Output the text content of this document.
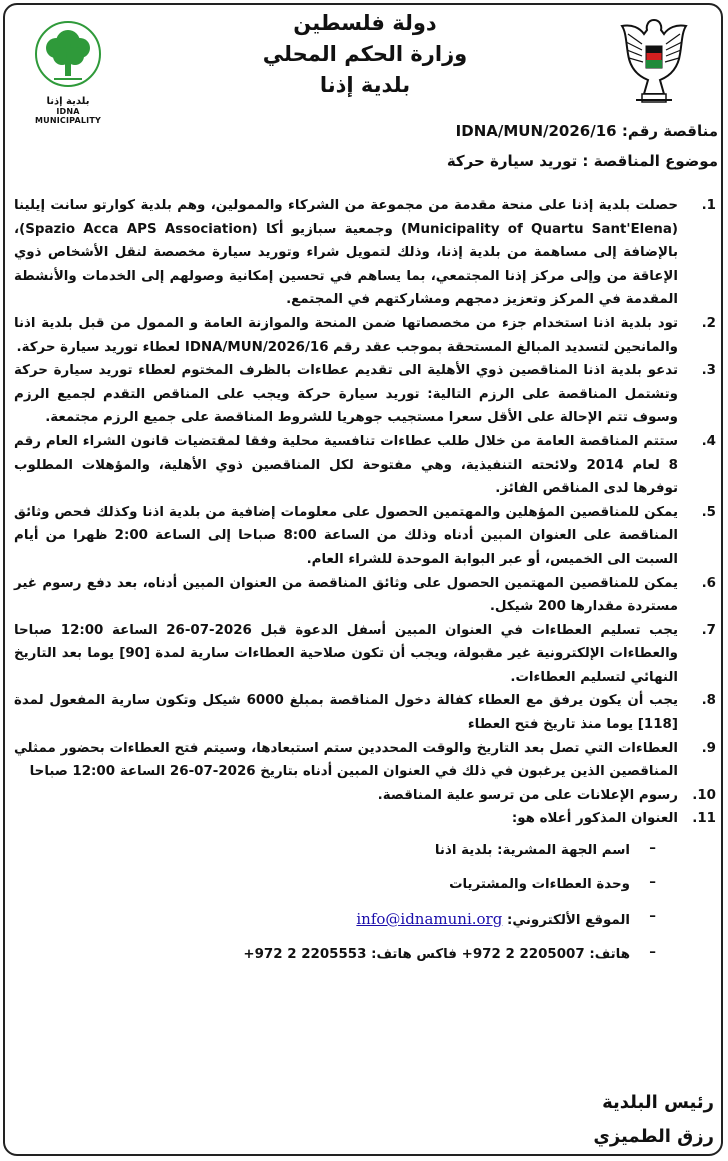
دولة فلسطين
وزارة الحكم المحلي
بلدية إذنا
بلدية إذنا
IDNA MUNICIPALITY
مناقصة رقم: IDNA/MUN/2026/16
موضوع المناقصة : توريد سيارة حركة
1.
حصلت بلدية إذنا على منحة مقدمة من مجموعة من الشركاء والممولين، وهم بلدية كوارتو سانت إيلينا (Municipality of Quartu Sant'Elena) وجمعية سبازيو أكا (Spazio Acca APS Association)، بالإضافة إلى مساهمة من بلدية إذنا، وذلك لتمويل شراء وتوريد سيارة مخصصة لنقل الأشخاص ذوي الإعاقة من وإلى مركز إذنا المجتمعي، بما يساهم في تحسين إمكانية وصولهم إلى الخدمات والأنشطة المقدمة في المركز وتعزيز دمجهم ومشاركتهم في المجتمع.
2.
تود بلدية اذنا استخدام جزء من مخصصاتها ضمن المنحة والموازنة العامة و الممول من قبل بلدية اذنا والمانحين لتسديد المبالغ المستحقة بموجب عقد رقم IDNA/MUN/2026/16 لعطاء توريد سيارة حركة.
3.
تدعو بلدية اذنا المناقصين ذوي الأهلية الى تقديم عطاءات بالظرف المختوم لعطاء توريد سيارة حركة وتشتمل المناقصة على الرزم التالية: توريد سيارة حركة ويجب على المناقص التقدم لجميع الرزم وسوف تتم الإحالة على الأقل سعرا مستجيب جوهريا للشروط المناقصة على جميع الرزم مجتمعة.
4.
ستتم المناقصة العامة من خلال طلب عطاءات تنافسية محلية وفقا لمقتضيات قانون الشراء العام رقم 8 لعام 2014 ولائحته التنفيذية، وهي مفتوحة لكل المناقصين ذوي الأهلية، والمؤهلات المطلوب توفرها لدى المناقص الفائز.
5.
يمكن للمناقصين المؤهلين والمهتمين الحصول على معلومات إضافية من بلدية اذنا وكذلك فحص وثائق المناقصة على العنوان المبين أدناه وذلك من الساعة 8:00 صباحا إلى الساعة 2:00 ظهرا من أيام السبت الى الخميس، أو عبر البوابة الموحدة للشراء العام.
6.
يمكن للمناقصين المهتمين الحصول على وثائق المناقصة من العنوان المبين أدناه، بعد دفع رسوم غير مستردة مقدارها 200 شيكل.
7.
يجب تسليم العطاءات في العنوان المبين أسفل الدعوة قبل 2026-07-26 الساعة 12:00 صباحا والعطاءات الإلكترونية غير مقبولة، ويجب أن تكون صلاحية العطاءات سارية لمدة [90] يوما بعد التاريخ النهائي لتسليم العطاءات.
8.
يجب أن يكون يرفق مع العطاء كفالة دخول المناقصة بمبلغ 6000 شيكل وتكون سارية المفعول لمدة [118] يوما منذ تاريخ فتح العطاء
9.
العطاءات التي تصل بعد التاريخ والوقت المحددين ستم استبعادها، وسيتم فتح العطاءات بحضور ممثلي المناقصين الذين يرغبون في ذلك في العنوان المبين أدناه بتاريخ 2026-07-26 الساعة 12:00 صباحا
10.
رسوم الإعلانات على من ترسو علية المناقصة.
11.
العنوان المذكور أعلاه هو:
–
اسم الجهة المشرية: بلدية اذنا
–
وحدة العطاءات والمشتريات
–
الموقع الألكتروني: info@idnamuni.org
–
هاتف: 2205007 2 972+ فاكس هاتف: 2205553 2 972+
رئيس البلدية
رزق الطميزي
